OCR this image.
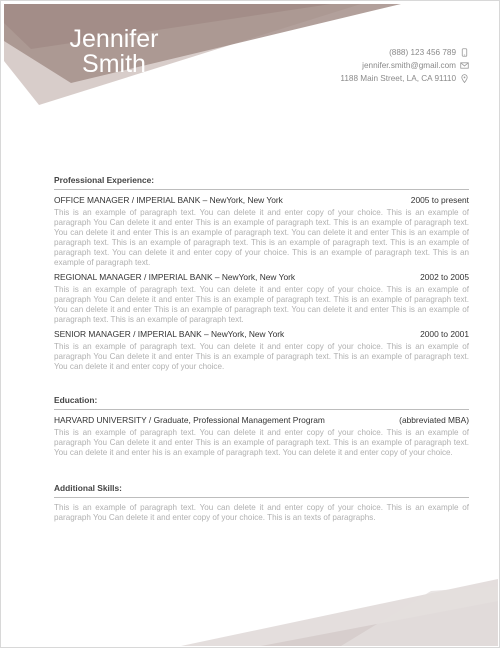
Jennifer
Smith	(888) 123 456 789
jennifer.smith@gmail.com
1188 Main Street, LA, CA 91110
Professional Experience:
OFFICE MANAGER / IMPERIAL BANK – NewYork, New York	2005 to present
This is an example of paragraph text. You can delete it and enter copy of your choice. This is an example of paragraph You Can delete it and enter This is an example of paragraph text. This is an example of paragraph text. You can delete it and enter This is an example of paragraph text. You can delete it and enter This is an example of paragraph text. This is an example of paragraph text. This is an example of paragraph text. This is an example of paragraph text. You can delete it and enter copy of your choice. This is an example of paragraph text. This is an example of paragraph text.
REGIONAL MANAGER / IMPERIAL BANK – NewYork, New York	2002 to 2005
This is an example of paragraph text. You can delete it and enter copy of your choice. This is an example of paragraph You Can delete it and enter This is an example of paragraph text. This is an example of paragraph text. You can delete it and enter This is an example of paragraph text. You can delete it and enter This is an example of paragraph text. This is an example of paragraph text.
SENIOR MANAGER / IMPERIAL BANK – NewYork, New York	2000 to 2001
This is an example of paragraph text. You can delete it and enter copy of your choice. This is an example of paragraph You Can delete it and enter This is an example of paragraph text. This is an example of paragraph text. You can delete it and enter copy of your choice.
Education:
HARVARD UNIVERSITY / Graduate, Professional Management Program	(abbreviated MBA)
This is an example of paragraph text. You can delete it and enter copy of your choice. This is an example of paragraph You Can delete it and enter This is an example of paragraph text. This is an example of paragraph text. You can delete it and enter his is an example of paragraph text. You can delete it and enter copy of your choice.
Additional Skills:
This is an example of paragraph text. You can delete it and enter copy of your choice. This is an example of paragraph You Can delete it and enter copy of your choice. This is an texts of paragraphs.
